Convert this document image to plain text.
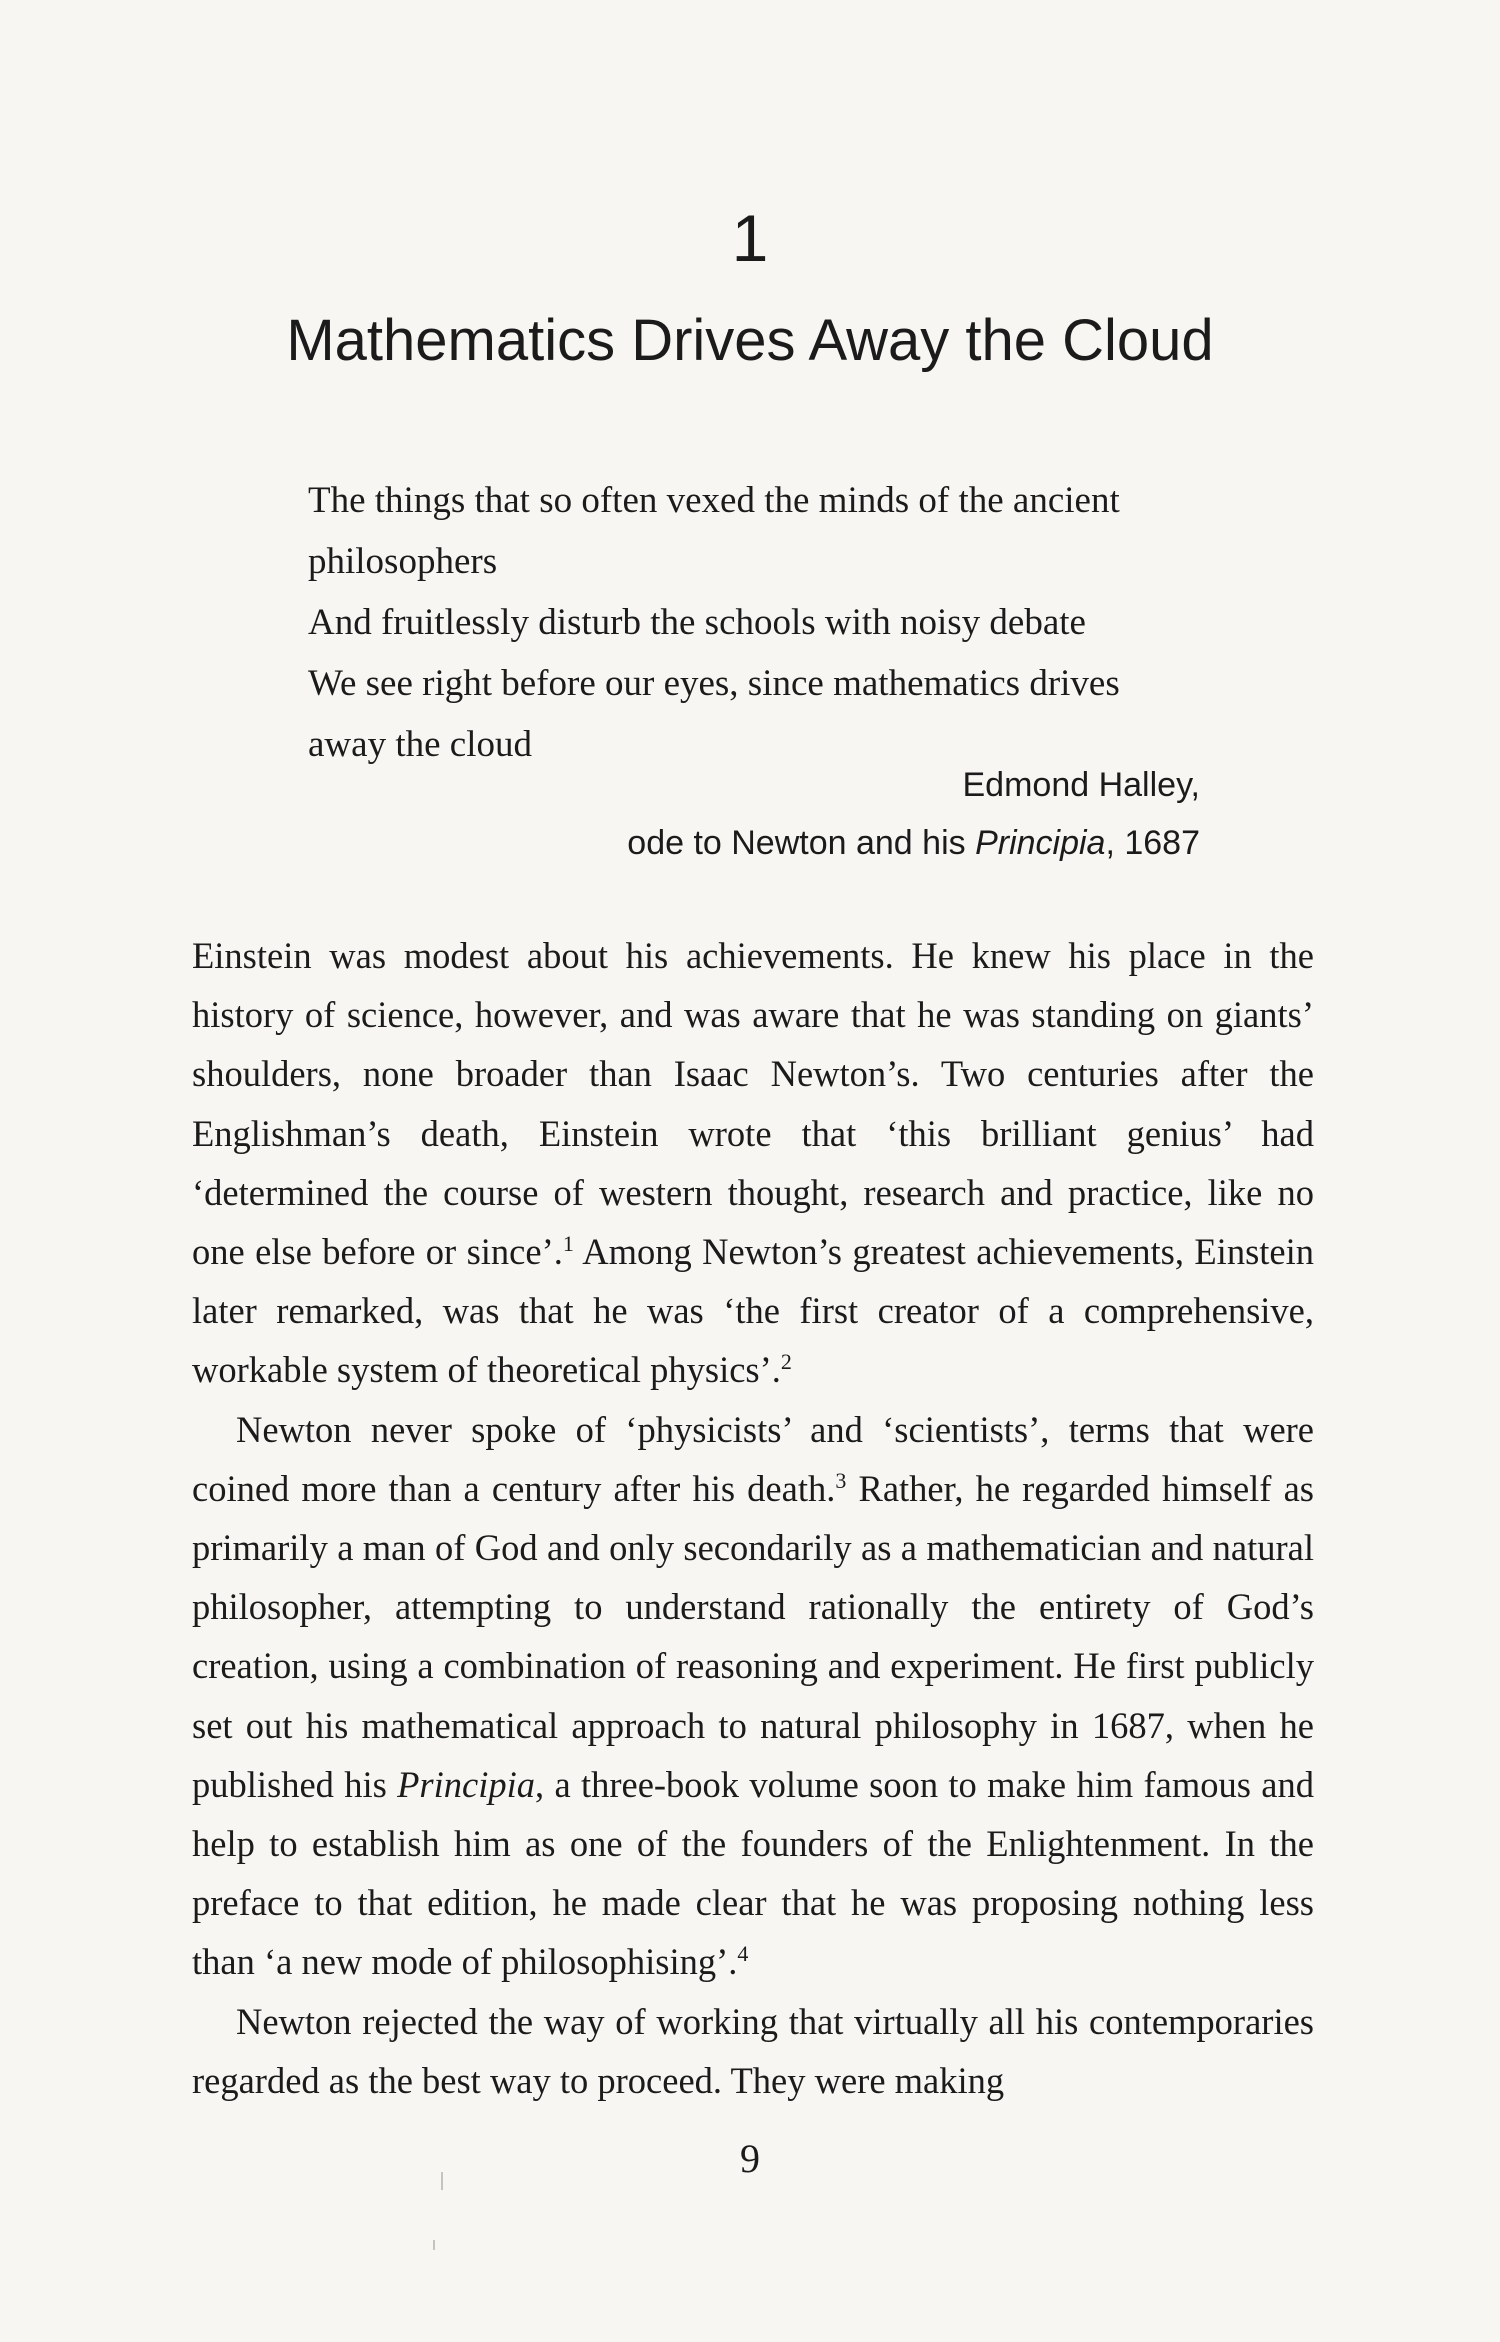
1
Mathematics Drives Away the Cloud
The things that so often vexed the minds of the ancient
philosophers
And fruitlessly disturb the schools with noisy debate
We see right before our eyes, since mathematics drives
away the cloud
Edmond Halley,
ode to Newton and his Principia, 1687

Einstein was modest about his achievements. He knew his place in the history of science, however, and was aware that he was standing on giants’ shoulders, none broader than Isaac Newton’s. Two centuries after the Englishman’s death, Einstein wrote that ‘this brilliant genius’ had ‘determined the course of western thought, research and practice, like no one else before or since’.$^1$ Among Newton’s greatest achievements, Einstein later remarked, was that he was ‘the first creator of a comprehensive, workable system of theoretical physics’.$^2$

Newton never spoke of ‘physicists’ and ‘scientists’, terms that were coined more than a century after his death.$^3$ Rather, he regarded himself as primarily a man of God and only secondarily as a mathematician and natural philosopher, attempting to understand rationally the entirety of God’s creation, using a combination of reasoning and experiment. He first publicly set out his mathematical approach to natural philosophy in 1687, when he published his Principia, a three-book volume soon to make him famous and help to establish him as one of the founders of the Enlightenment. In the preface to that edition, he made clear that he was proposing nothing less than ‘a new mode of philosophising’.$^4$

Newton rejected the way of working that virtually all his contemporaries regarded as the best way to proceed. They were making

9
